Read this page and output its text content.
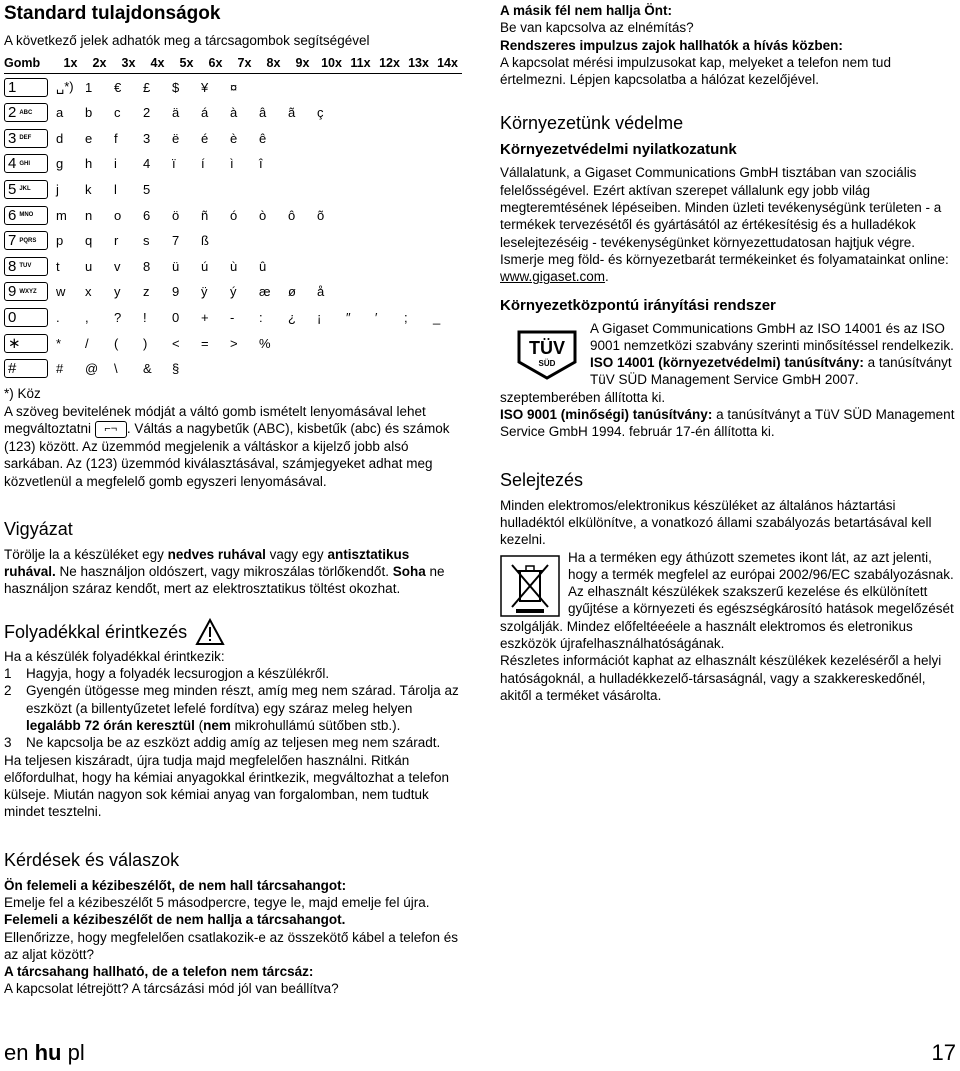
Standard tulajdonságok

A következő jelek adhatók meg a tárcsagombok segítségével

Gomb	1x	2x	3x	4x	5x	6x	7x	8x	9x	10x	11x	12x	13x	14x

1	␣*)	1	€	£	$	¥	¤							

2 ABC	a	b	c	2	ä	á	à	â	ã	ç				

3 DEF	d	e	f	3	ë	é	è	ê						

4 GHI	g	h	i	4	ï	í	ì	î						

5 JKL	j	k	l	5										

6 MNO	m	n	o	6	ö	ñ	ó	ò	ô	õ				

7 PQRS	p	q	r	s	7	ß								

8 TUV	t	u	v	8	ü	ú	ù	û						

9 WXYZ	w	x	y	z	9	ÿ	ý	æ	ø	å				

0	.	,	?	!	0	+	-	:	¿	¡	″	′	;	_

∗	*	/	(	)	<	=	>	%						

#	#	@	\	&	§									

*) Köz

A szöveg bevitelének módját a váltó gomb ismételt lenyomásával lehet megváltoztatni ⌐¬ . Váltás a nagybetűk (ABC), kisbetűk (abc) és számok (123) között. Az üzemmód megjelenik a váltáskor a kijelző jobb alsó sarkában. Az (123) üzemmód kiválasztásával, számjegyeket adhat meg közvetlenül a megfelelő gomb egyszeri lenyomásával.

Vigyázat

Törölje la a készüléket egy nedves ruhával vagy egy antisztatikus ruhával. Ne használjon oldószert, vagy mikroszálas törlőkendőt. Soha ne használjon száraz kendőt, mert az elektrosztatikus töltést okozhat.

Folyadékkal érintkezés

Ha a készülék folyadékkal érintkezik:

1	Hagyja, hogy a folyadék lecsurogjon a készülékről.
2	Gyengén ütögesse meg minden részt, amíg meg nem szárad. Tárolja az eszközt (a billentyűzetet lefelé fordítva) egy száraz meleg helyen legalább 72 órán keresztül (nem mikrohullámú sütőben stb.).
3	Ne kapcsolja be az eszközt addig amíg az teljesen meg nem száradt.

Ha teljesen kiszáradt, újra tudja majd megfelelően használni. Ritkán előfordulhat, hogy ha kémiai anyagokkal érintkezik, megváltozhat a telefon külseje. Miután nagyon sok kémiai anyag van forgalomban, nem tudtuk mindet tesztelni.

Kérdések és válaszok

Ön felemeli a kézibeszélőt, de nem hall tárcsahangot:

Emelje fel a kézibeszélőt 5 másodpercre, tegye le, majd emelje fel újra.

Felemeli a kézibeszélőt de nem hallja a tárcsahangot.

Ellenőrizze, hogy megfelelően csatlakozik-e az összekötő kábel a telefon és az aljat között?

A tárcsahang hallható, de a telefon nem tárcsáz:

A kapcsolat létrejött? A tárcsázási mód jól van beállítva?

A másik fél nem hallja Önt:

Be van kapcsolva az elnémítás?

Rendszeres impulzus zajok hallhatók a hívás közben:

A kapcsolat mérési impulzusokat kap, melyeket a telefon nem tud értelmezni. Lépjen kapcsolatba a hálózat kezelőjével.

Környezetünk védelme
Környezetvédelmi nyilatkozatunk

Vállalatunk, a Gigaset Communications GmbH tisztában van szociális felelősségével. Ezért aktívan szerepet vállalunk egy jobb világ megteremtésének lépéseiben. Minden üzleti tevékenységünk területen - a termékek tervezésétől és gyártásától az értékesítésig és a hulladékok leselejtezéséig - tevékenységünket környezettudatosan hajtjuk végre. Ismerje meg föld- és környezetbarát termékeinket és folyamatainkat online: www.gigaset.com.

Környezetközpontú irányítási rendszer
TÜV
SÜD

A Gigaset Communications GmbH az ISO 14001 és az ISO 9001 nemzetközi szabvány szerinti minősítéssel rendelkezik.

ISO 14001 (környezetvédelmi) tanúsítvány: a tanúsítványt TüV SÜD Management Service GmbH 2007. szeptemberében állította ki.

ISO 9001 (minőségi) tanúsítvány: a tanúsítványt a TüV SÜD Management Service GmbH 1994. február 17-én állította ki.

Selejtezés

Minden elektromos/elektronikus készüléket az általános háztartási hulladéktól elkülönítve, a vonatkozó állami szabályozás betartásával kell kezelni.

Ha a terméken egy áthúzott szemetes ikont lát, az azt jelenti, hogy a termék megfelel az európai 2002/96/EC szabályozásnak.

Az elhasznált készülékek szakszerű kezelése és elkülönített gyűjtése a környezeti és egészségkárosító hatások megelőzését szolgálják. Mindez előfeltéeéele a használt elektromos és eletronikus eszközök újrafelhasználhatóságának.

Részletes információt kaphat az elhasznált készülékek kezeléséről a helyi hatóságoknál, a hulladékkezelő-társaságnál, vagy a szakkereskedőnél, akitől a terméket vásárolta.

en hu pl	17
